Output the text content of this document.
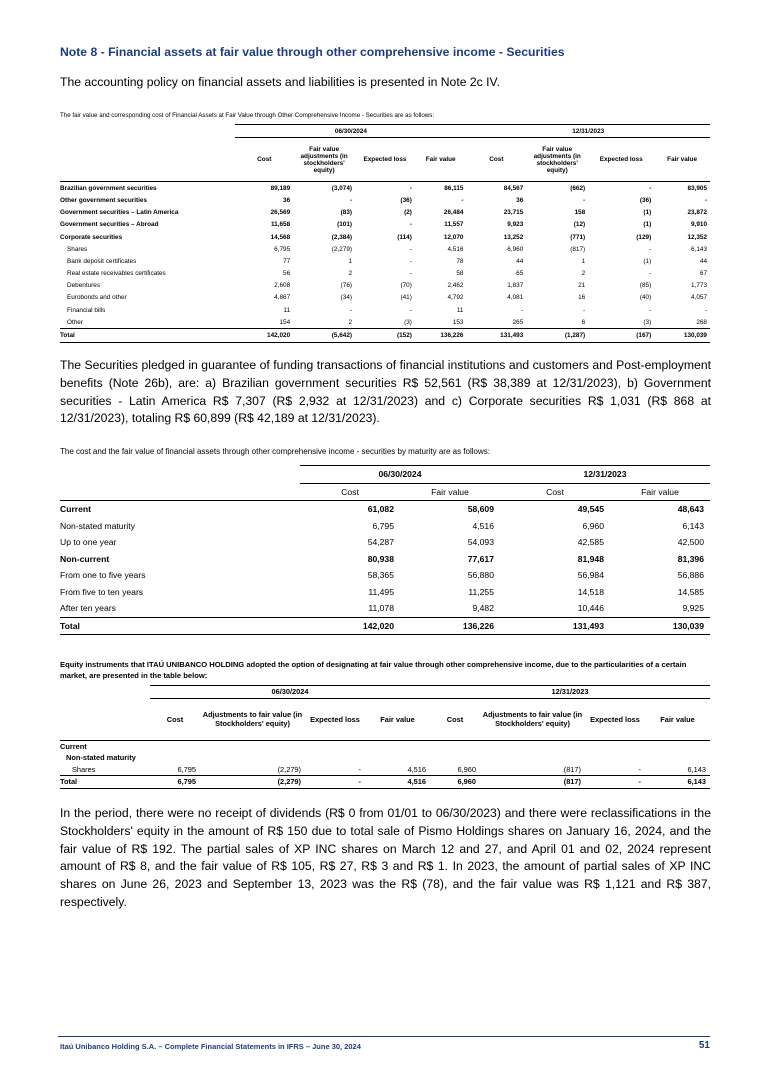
Note 8 - Financial assets at fair value through other comprehensive income - Securities
The accounting policy on financial assets and liabilities is presented in Note 2c IV.
The fair value and corresponding cost of Financial Assets at Fair Value through Other Comprehensive Income - Securities are as follows:
	06/30/2024				12/31/2023			
	Cost	Fair value adjustments (in stockholders' equity)	Expected loss	Fair value	Cost	Fair value adjustments (in stockholders' equity)	Expected loss	Fair value
Brazilian government securities	89,189	(3,074)	-	86,115	84,567	(662)	-	83,905
Other government securities	36	-	(36)	-	36	-	(36)	-
Government securities – Latin America	26,569	(83)	(2)	26,484	23,715	158	(1)	23,872
Government securities – Abroad	11,658	(101)	-	11,557	9,923	(12)	(1)	9,910
Corporate securities	14,568	(2,384)	(114)	12,070	13,252	(771)	(129)	12,352
Shares	6,795	(2,279)	-	4,516	6,960	(817)	-	6,143
Bank deposit certificates	77	1	-	78	44	1	(1)	44
Real estate receivables certificates	56	2	-	58	65	2	-	67
Debentures	2,608	(76)	(70)	2,462	1,837	21	(85)	1,773
Eurobonds and other	4,867	(34)	(41)	4,792	4,081	16	(40)	4,057
Financial bills	11	-	-	11	-	-	-	-
Other	154	2	(3)	153	265	6	(3)	268
Total	142,020	(5,642)	(152)	136,226	131,493	(1,287)	(167)	130,039
The Securities pledged in guarantee of funding transactions of financial institutions and customers and Post-employment benefits (Note 26b), are: a) Brazilian government securities R$ 52,561 (R$ 38,389 at 12/31/2023), b) Government securities - Latin America R$ 7,307 (R$ 2,932 at 12/31/2023) and c) Corporate securities R$ 1,031 (R$ 868 at 12/31/2023), totaling R$ 60,899 (R$ 42,189 at 12/31/2023).
The cost and the fair value of financial assets through other comprehensive income - securities by maturity are as follows:
	06/30/2024		12/31/2023	
	Cost	Fair value	Cost	Fair value
Current	61,082	58,609	49,545	48,643
Non-stated maturity	6,795	4,516	6,960	6,143
Up to one year	54,287	54,093	42,585	42,500
Non-current	80,938	77,617	81,948	81,396
From one to five years	58,365	56,880	56,984	56,886
From five to ten years	11,495	11,255	14,518	14,585
After ten years	11,078	9,482	10,446	9,925
Total	142,020	136,226	131,493	130,039
Equity instruments that ITAÚ UNIBANCO HOLDING adopted the option of designating at fair value through other comprehensive income, due to the particularities of a certain market, are presented in the table below:
	06/30/2024				12/31/2023			
	Cost	Adjustments to fair value (in Stockholders' equity)	Expected loss	Fair value	Cost	Adjustments to fair value (in Stockholders' equity)	Expected loss	Fair value
Current								
Non-stated maturity								
Shares	6,795	(2,279)	-	4,516	6,960	(817)	-	6,143
Total	6,795	(2,279)	-	4,516	6,960	(817)	-	6,143
In the period, there were no receipt of dividends (R$ 0 from 01/01 to 06/30/2023) and there were reclassifications in the Stockholders' equity in the amount of R$ 150 due to total sale of Pismo Holdings shares on January 16, 2024, and the fair value of R$ 192. The partial sales of XP INC shares on March 12 and 27, and April 01 and 02, 2024 represent amount of R$ 8, and the fair value of R$ 105, R$ 27, R$ 3 and R$ 1. In 2023, the amount of partial sales of XP INC shares on June 26, 2023 and September 13, 2023 was the R$ (78), and the fair value was R$ 1,121 and R$ 387, respectively.
Itaú Unibanco Holding S.A. – Complete Financial Statements in IFRS – June 30, 2024	51
